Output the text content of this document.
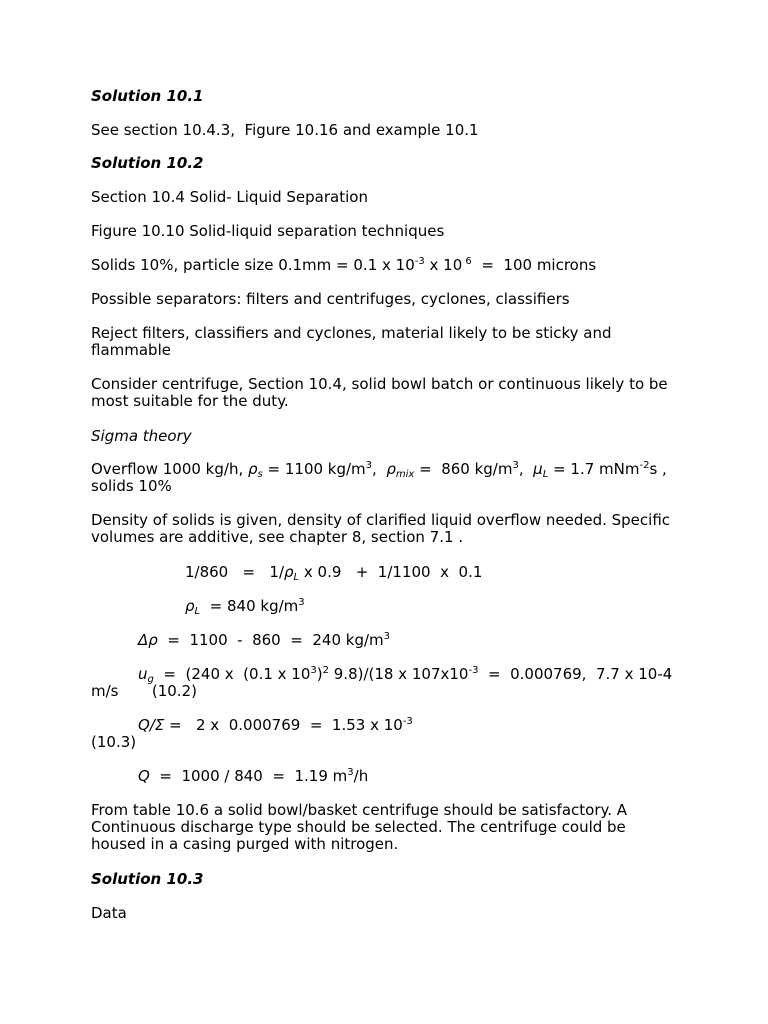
Solution 10.1
See section 10.4.3,  Figure 10.16 and example 10.1
Solution 10.2
Section 10.4 Solid- Liquid Separation
Figure 10.10 Solid-liquid separation techniques
Solids 10%, particle size 0.1mm = 0.1 x $10^{-3}$ x 10 $^6$  =  100 microns
Possible separators: filters and centrifuges, cyclones, classifiers
Reject filters, classifiers and cyclones, material likely to be sticky and flammable
Consider centrifuge, Section 10.4, solid bowl batch or continuous likely to be most suitable for the duty.
Sigma theory
Overflow 1000 kg/h, $\rho_s = 1100$ $kg/m^3$,  $\rho_{mix} = 860$ $kg/m^3$,  $\mu_L = 1.7$ mNm$^{-2}$s , solids 10%
Density of solids is given, density of clarified liquid overflow needed. Specific volumes are additive, see chapter 8, section 7.1 .
$1/860 = 1/\rho_L$ x 0.9   +  1/1100  x  0.1
$\rho_L = 840$ $kg/m^3$
Δρ  =  1100  -  860  =  240 $kg/m^3$
$u_g = (240$ x  (0.1 x $10^3)^2$ 9.8)/(18 x $107x10^{-3} = 0.000769$,  7.7 x 10-4 m/s       (10.2)
Q/Σ =   2 x  0.000769  =  1.53 x $10^{-3}$
(10.3)
Q  =  1000 / 840  =  1.19 $m^3/h$
From table 10.6 a solid bowl/basket centrifuge should be satisfactory. A Continuous discharge type should be selected. The centrifuge could be housed in a casing purged with nitrogen.
Solution 10.3
Data
